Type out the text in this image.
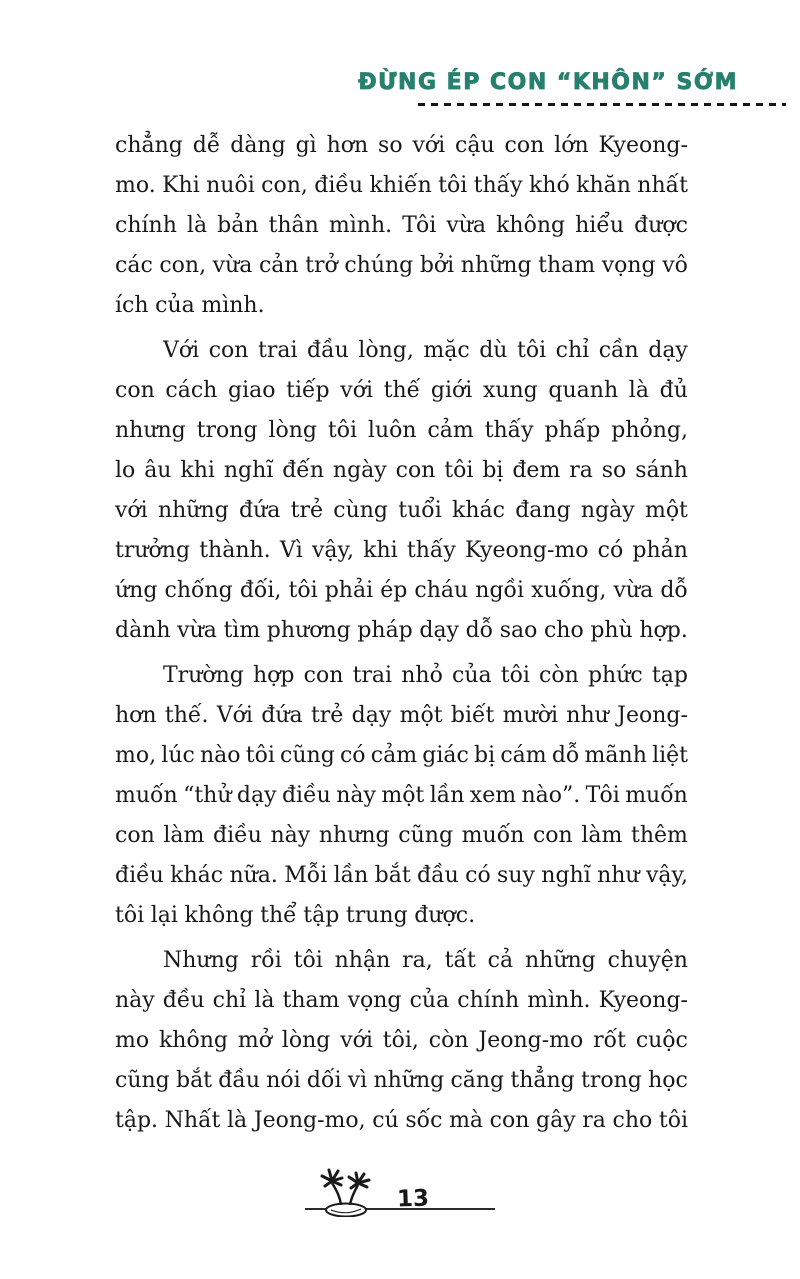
ĐỪNG ÉP CON “KHÔN” SỚM
chẳng dễ dàng gì hơn so với cậu con lớn Kyeong-
mo. Khi nuôi con, điều khiến tôi thấy khó khăn nhất
chính là bản thân mình. Tôi vừa không hiểu được
các con, vừa cản trở chúng bởi những tham vọng vô
ích của mình.
Với con trai đầu lòng, mặc dù tôi chỉ cần dạy
con cách giao tiếp với thế giới xung quanh là đủ
nhưng trong lòng tôi luôn cảm thấy phấp phỏng,
lo âu khi nghĩ đến ngày con tôi bị đem ra so sánh
với những đứa trẻ cùng tuổi khác đang ngày một
trưởng thành. Vì vậy, khi thấy Kyeong-mo có phản
ứng chống đối, tôi phải ép cháu ngồi xuống, vừa dỗ
dành vừa tìm phương pháp dạy dỗ sao cho phù hợp.
Trường hợp con trai nhỏ của tôi còn phức tạp
hơn thế. Với đứa trẻ dạy một biết mười như Jeong-
mo, lúc nào tôi cũng có cảm giác bị cám dỗ mãnh liệt
muốn “thử dạy điều này một lần xem nào”. Tôi muốn
con làm điều này nhưng cũng muốn con làm thêm
điều khác nữa. Mỗi lần bắt đầu có suy nghĩ như vậy,
tôi lại không thể tập trung được.
Nhưng rồi tôi nhận ra, tất cả những chuyện
này đều chỉ là tham vọng của chính mình. Kyeong-
mo không mở lòng với tôi, còn Jeong-mo rốt cuộc
cũng bắt đầu nói dối vì những căng thẳng trong học
tập. Nhất là Jeong-mo, cú sốc mà con gây ra cho tôi
13
